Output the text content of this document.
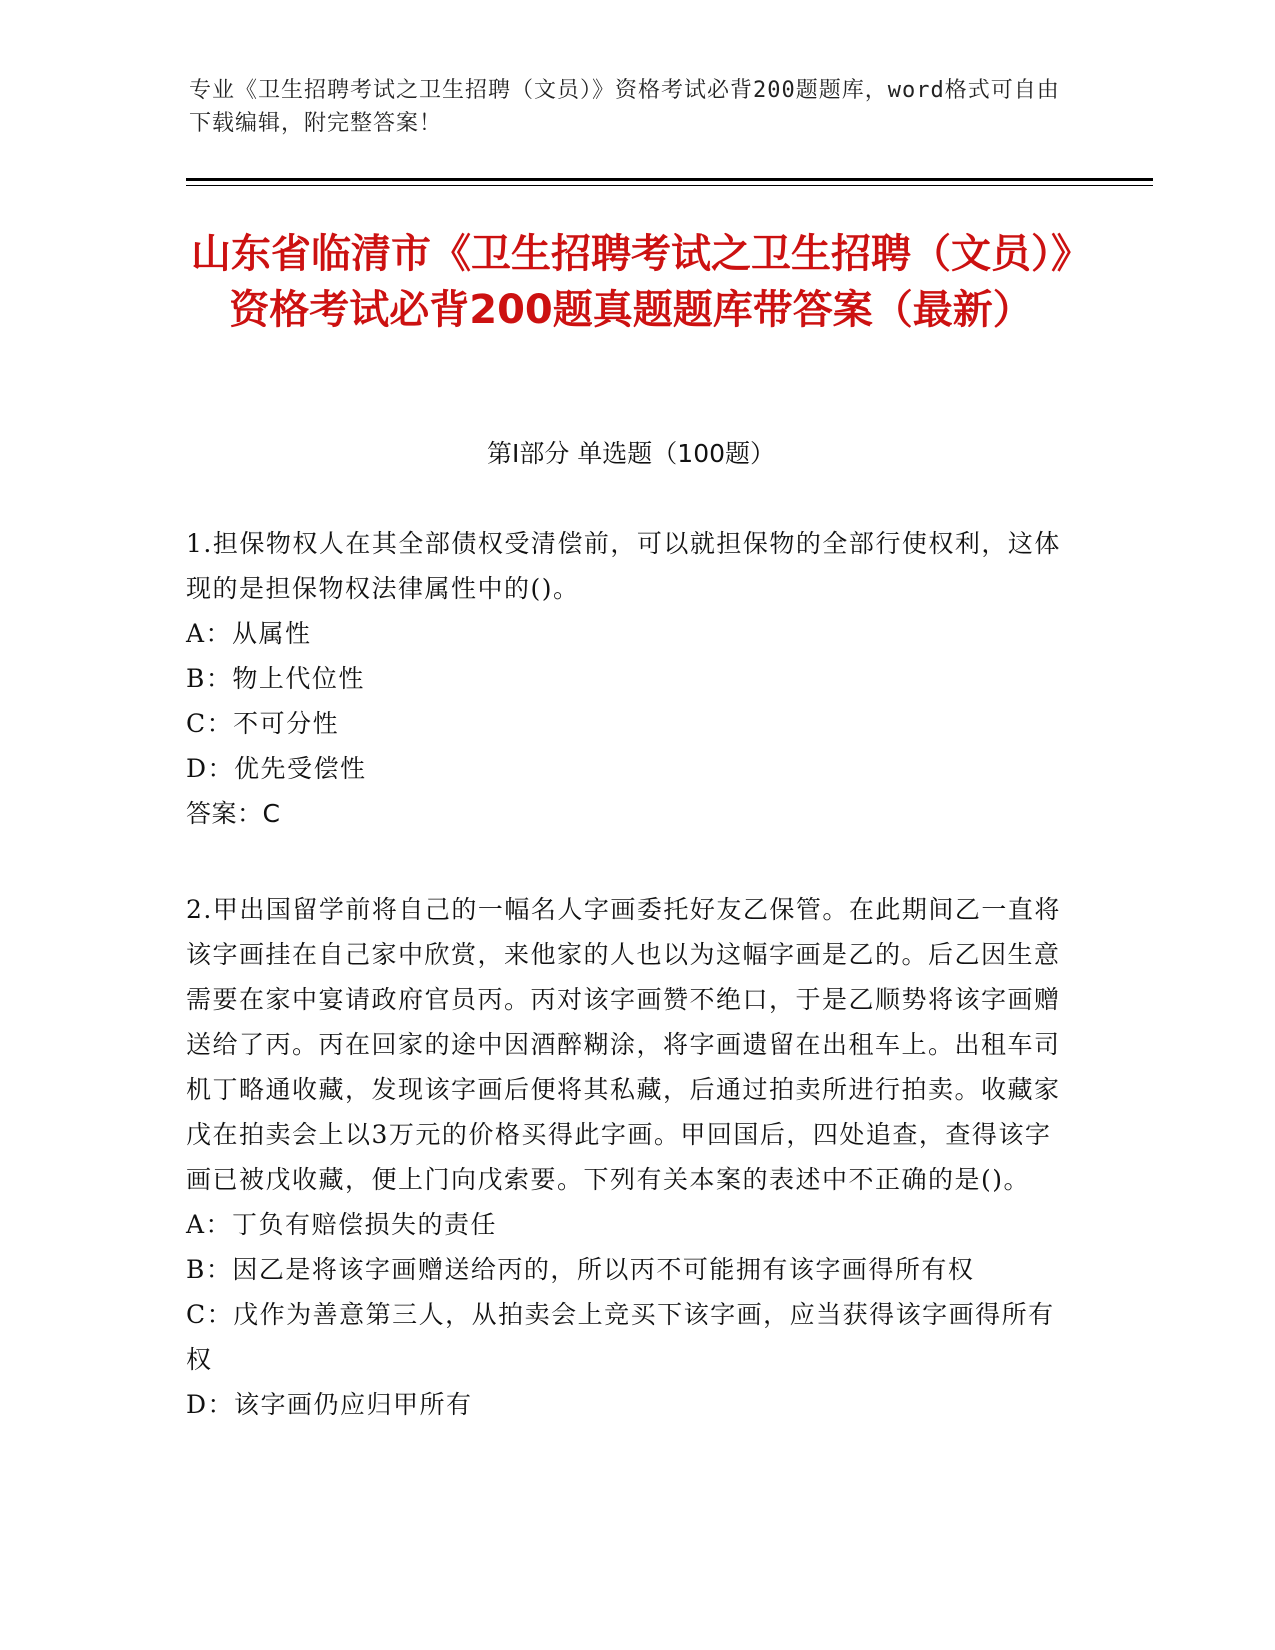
专业《卫生招聘考试之卫生招聘（文员）》资格考试必背200题题库，word格式可自由下载编辑，附完整答案！
山东省临清市《卫生招聘考试之卫生招聘（文员）》资格考试必背200题真题题库带答案（最新）
第Ⅰ部分 单选题（100题）
1.担保物权人在其全部债权受清偿前，可以就担保物的全部行使权利，这体现的是担保物权法律属性中的()。
A：从属性
B：物上代位性
C：不可分性
D：优先受偿性
答案：C
2.甲出国留学前将自己的一幅名人字画委托好友乙保管。在此期间乙一直将该字画挂在自己家中欣赏，来他家的人也以为这幅字画是乙的。后乙因生意需要在家中宴请政府官员丙。丙对该字画赞不绝口，于是乙顺势将该字画赠送给了丙。丙在回家的途中因酒醉糊涂，将字画遗留在出租车上。出租车司机丁略通收藏，发现该字画后便将其私藏，后通过拍卖所进行拍卖。收藏家戊在拍卖会上以3万元的价格买得此字画。甲回国后，四处追查，查得该字画已被戊收藏，便上门向戊索要。下列有关本案的表述中不正确的是()。
A：丁负有赔偿损失的责任
B：因乙是将该字画赠送给丙的，所以丙不可能拥有该字画得所有权
C：戊作为善意第三人，从拍卖会上竞买下该字画，应当获得该字画得所有权
D：该字画仍应归甲所有
